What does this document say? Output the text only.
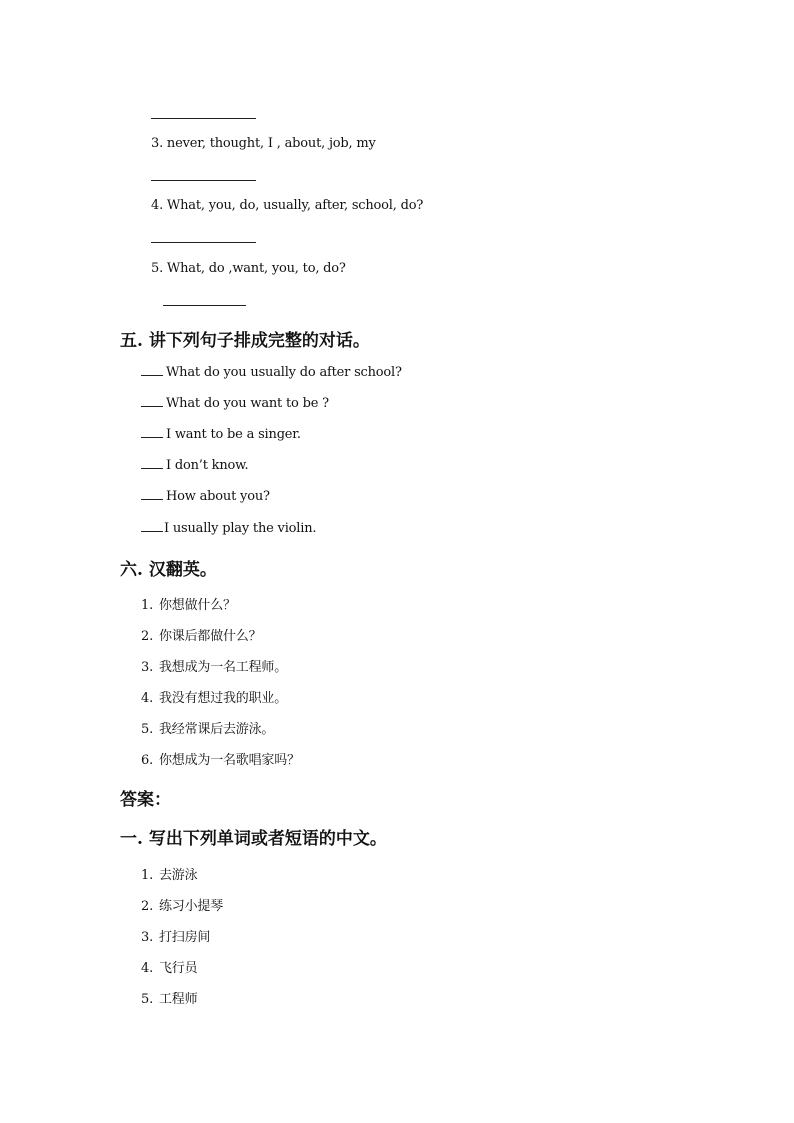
3. never, thought, I , about, job, my
4. What, you, do, usually, after, school, do?
5. What, do ,want, you, to, do?
五. 讲下列句子排成完整的对话。
What do you usually do after school?
What do you want to be ?
I want to be a singer.
I don’t know.
How about you?
I usually play the violin.
六. 汉翻英。
1. 你想做什么？
2. 你课后都做什么？
3. 我想成为一名工程师。
4. 我没有想过我的职业。
5. 我经常课后去游泳。
6. 你想成为一名歌唱家吗？
答案：
一. 写出下列单词或者短语的中文。
1. 去游泳
2. 练习小提琴
3. 打扫房间
4. 飞行员
5. 工程师
